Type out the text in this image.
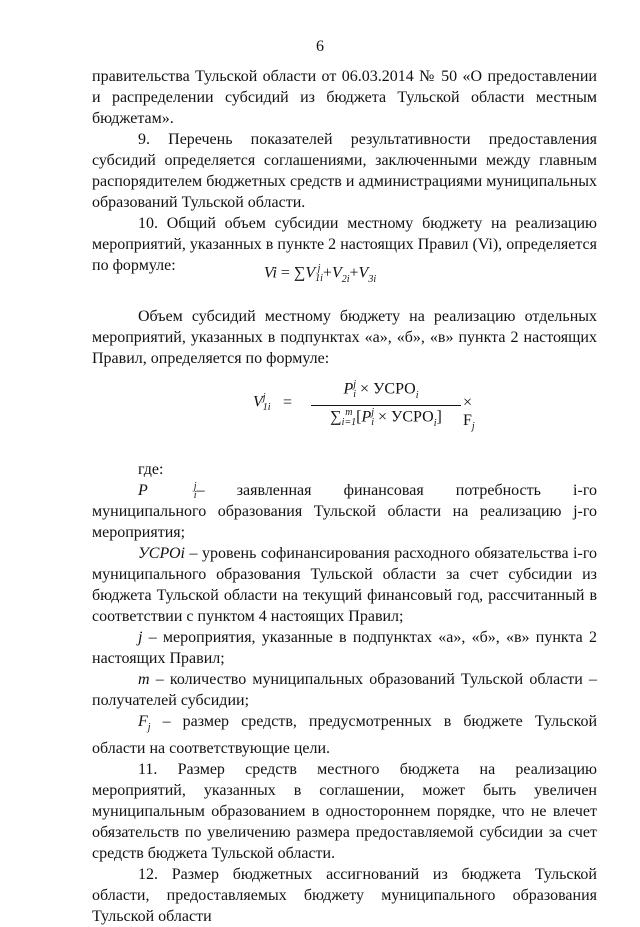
6

правительства Тульской области от 06.03.2014 № 50 «О предоставлении и распределении субсидий из бюджета Тульской области местным бюджетам».

9. Перечень показателей результативности предоставления субсидий определяется соглашениями, заключенными между главным распорядителем бюджетных средств и администрациями муниципальных образований Тульской области.

10. Общий объем субсидии местному бюджету на реализацию мероприятий, указанных в пункте 2 настоящих Правил (Vi), определяется по формуле:	Vi = ∑V j
$1i +V_{2i}+V_{3i}$

Объем субсидий местному бюджету на реализацию отдельных мероприятий, указанных в подпунктах «а», «б», «в» пункта 2 настоящих Правил, определяется по формуле:

V j
1i =
P j
$i \times УСРО_i$
∑ m
i=1 [P j
$i \times УСРО_i$]
× $F_j$

где:

P	j
i – заявленная финансовая потребность i-го муниципального образования Тульской области на реализацию j-го мероприятия;

УСРОi – уровень софинансирования расходного обязательства i-го муниципального образования Тульской области за счет субсидии из бюджета Тульской области на текущий финансовый год, рассчитанный в соответствии с пунктом 4 настоящих Правил;

j – мероприятия, указанные в подпунктах «а», «б», «в» пункта 2 настоящих Правил;

m – количество муниципальных образований Тульской области – получателей субсидии;

$F_j$ – размер средств, предусмотренных в бюджете Тульской области на соответствующие цели.

11. Размер средств местного бюджета на реализацию мероприятий, указанных в соглашении, может быть увеличен муниципальным образованием в одностороннем порядке, что не влечет обязательств по увеличению размера предоставляемой субсидии за счет средств бюджета Тульской области.

12. Размер бюджетных ассигнований из бюджета Тульской области, предоставляемых бюджету муниципального образования Тульской области
